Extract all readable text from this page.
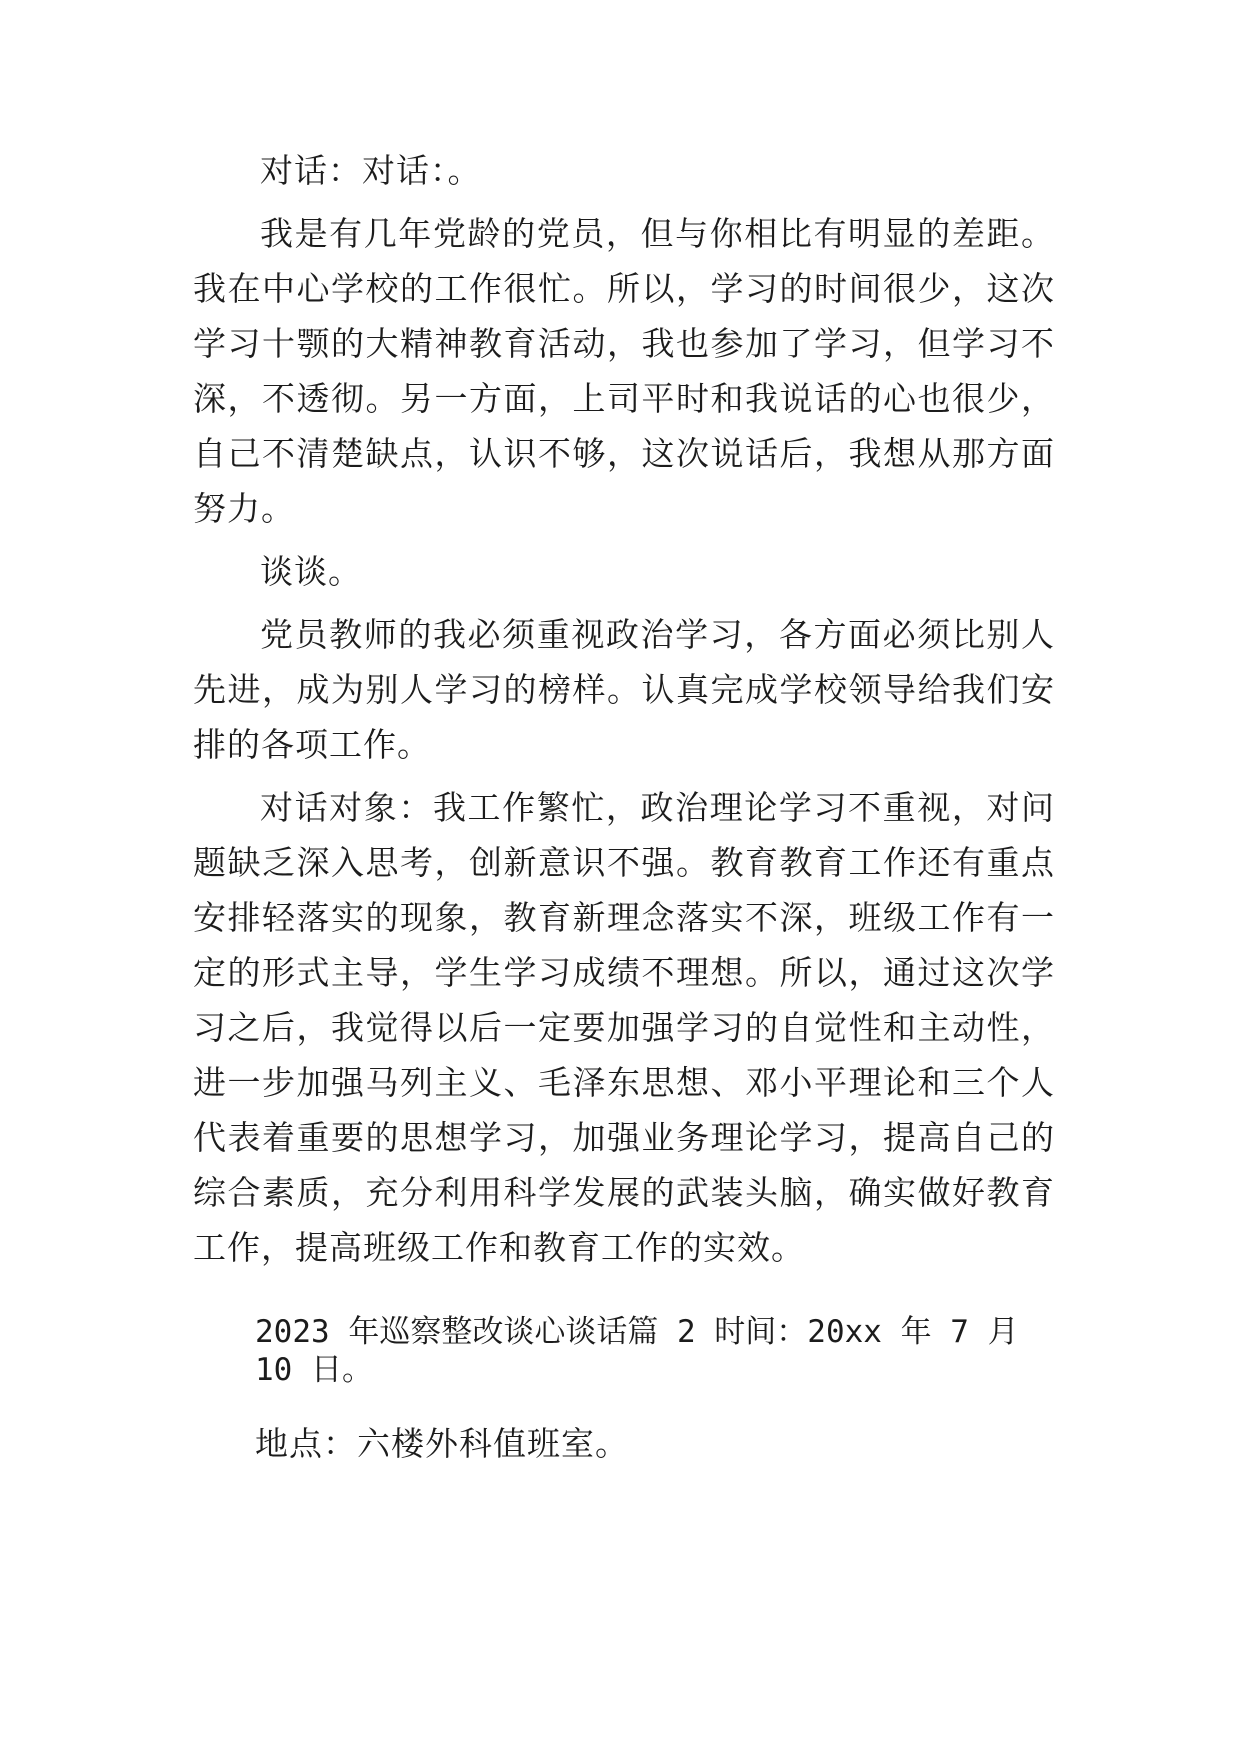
对话：对话：。

我是有几年党龄的党员，但与你相比有明显的差距。我在中心学校的工作很忙。所以，学习的时间很少，这次学习十颚的大精神教育活动，我也参加了学习，但学习不深，不透彻。另一方面，上司平时和我说话的心也很少，自己不清楚缺点，认识不够，这次说话后，我想从那方面努力。

谈谈。

党员教师的我必须重视政治学习，各方面必须比别人先进，成为别人学习的榜样。认真完成学校领导给我们安排的各项工作。

对话对象：我工作繁忙，政治理论学习不重视，对问题缺乏深入思考，创新意识不强。教育教育工作还有重点安排轻落实的现象，教育新理念落实不深，班级工作有一定的形式主导，学生学习成绩不理想。所以，通过这次学习之后，我觉得以后一定要加强学习的自觉性和主动性，进一步加强马列主义、毛泽东思想、邓小平理论和三个人代表着重要的思想学习，加强业务理论学习，提高自己的综合素质，充分利用科学发展的武装头脑，确实做好教育工作，提高班级工作和教育工作的实效。

2023 年巡察整改谈心谈话篇 2 时间：20xx 年 7 月 10 日。

地点：六楼外科值班室。
